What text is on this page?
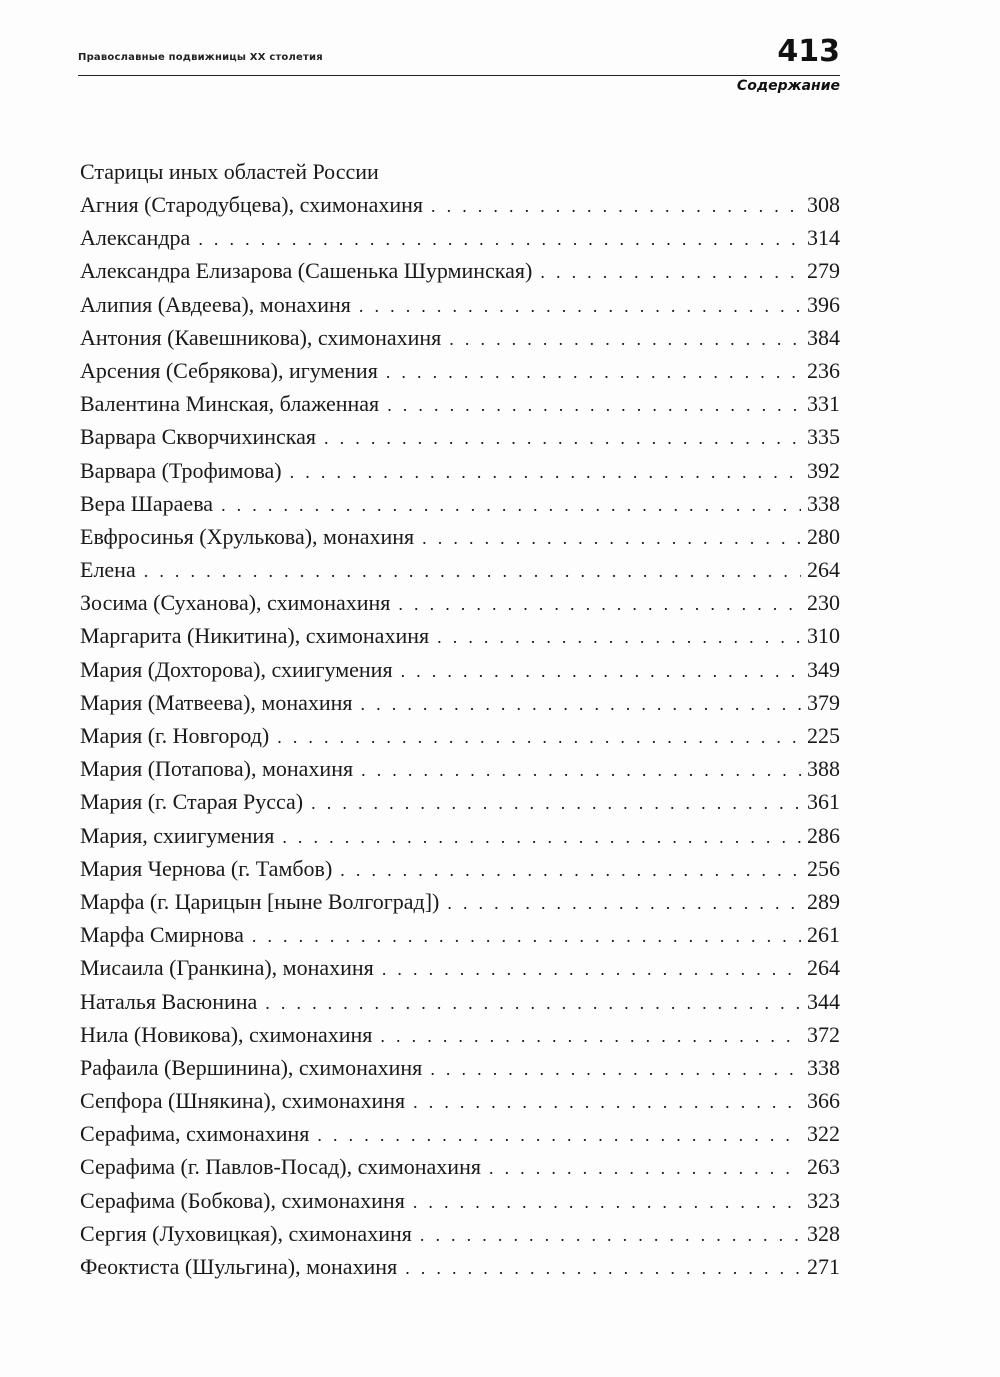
Православные подвижницы XX столетия	413
Содержание
Старицы иных областей России
Агния (Стародубцева), схимонахиня . . .	308
Александра . . .	314
Александра Елизарова (Сашенька Шурминская) . . .	279
Алипия (Авдеева), монахиня . . .	396
Антония (Кавешникова), схимонахиня . . .	384
Арсения (Себрякова), игумения . . .	236
Валентина Минская, блаженная . . .	331
Варвара Скворчихинская . . .	335
Варвара (Трофимова) . . .	392
Вера Шараева . . .	338
Евфросинья (Хрулькова), монахиня . . .	280
Елена . . .	264
Зосима (Суханова), схимонахиня . . .	230
Маргарита (Никитина), схимонахиня . . .	310
Мария (Дохторова), схиигумения . . .	349
Мария (Матвеева), монахиня . . .	379
Мария (г. Новгород) . . .	225
Мария (Потапова), монахиня . . .	388
Мария (г. Старая Русса) . . .	361
Мария, схиигумения . . .	286
Мария Чернова (г. Тамбов) . . .	256
Марфа (г. Царицын [ныне Волгоград]) . . .	289
Марфа Смирнова . . .	261
Мисаила (Гранкина), монахиня . . .	264
Наталья Васюнина . . .	344
Нила (Новикова), схимонахиня . . .	372
Рафаила (Вершинина), схимонахиня . . .	338
Сепфора (Шнякина), схимонахиня . . .	366
Серафима, схимонахиня . . .	322
Серафима (г. Павлов-Посад), схимонахиня . . .	263
Серафима (Бобкова), схимонахиня . . .	323
Сергия (Луховицкая), схимонахиня . . .	328
Феоктиста (Шульгина), монахиня . . .	271
